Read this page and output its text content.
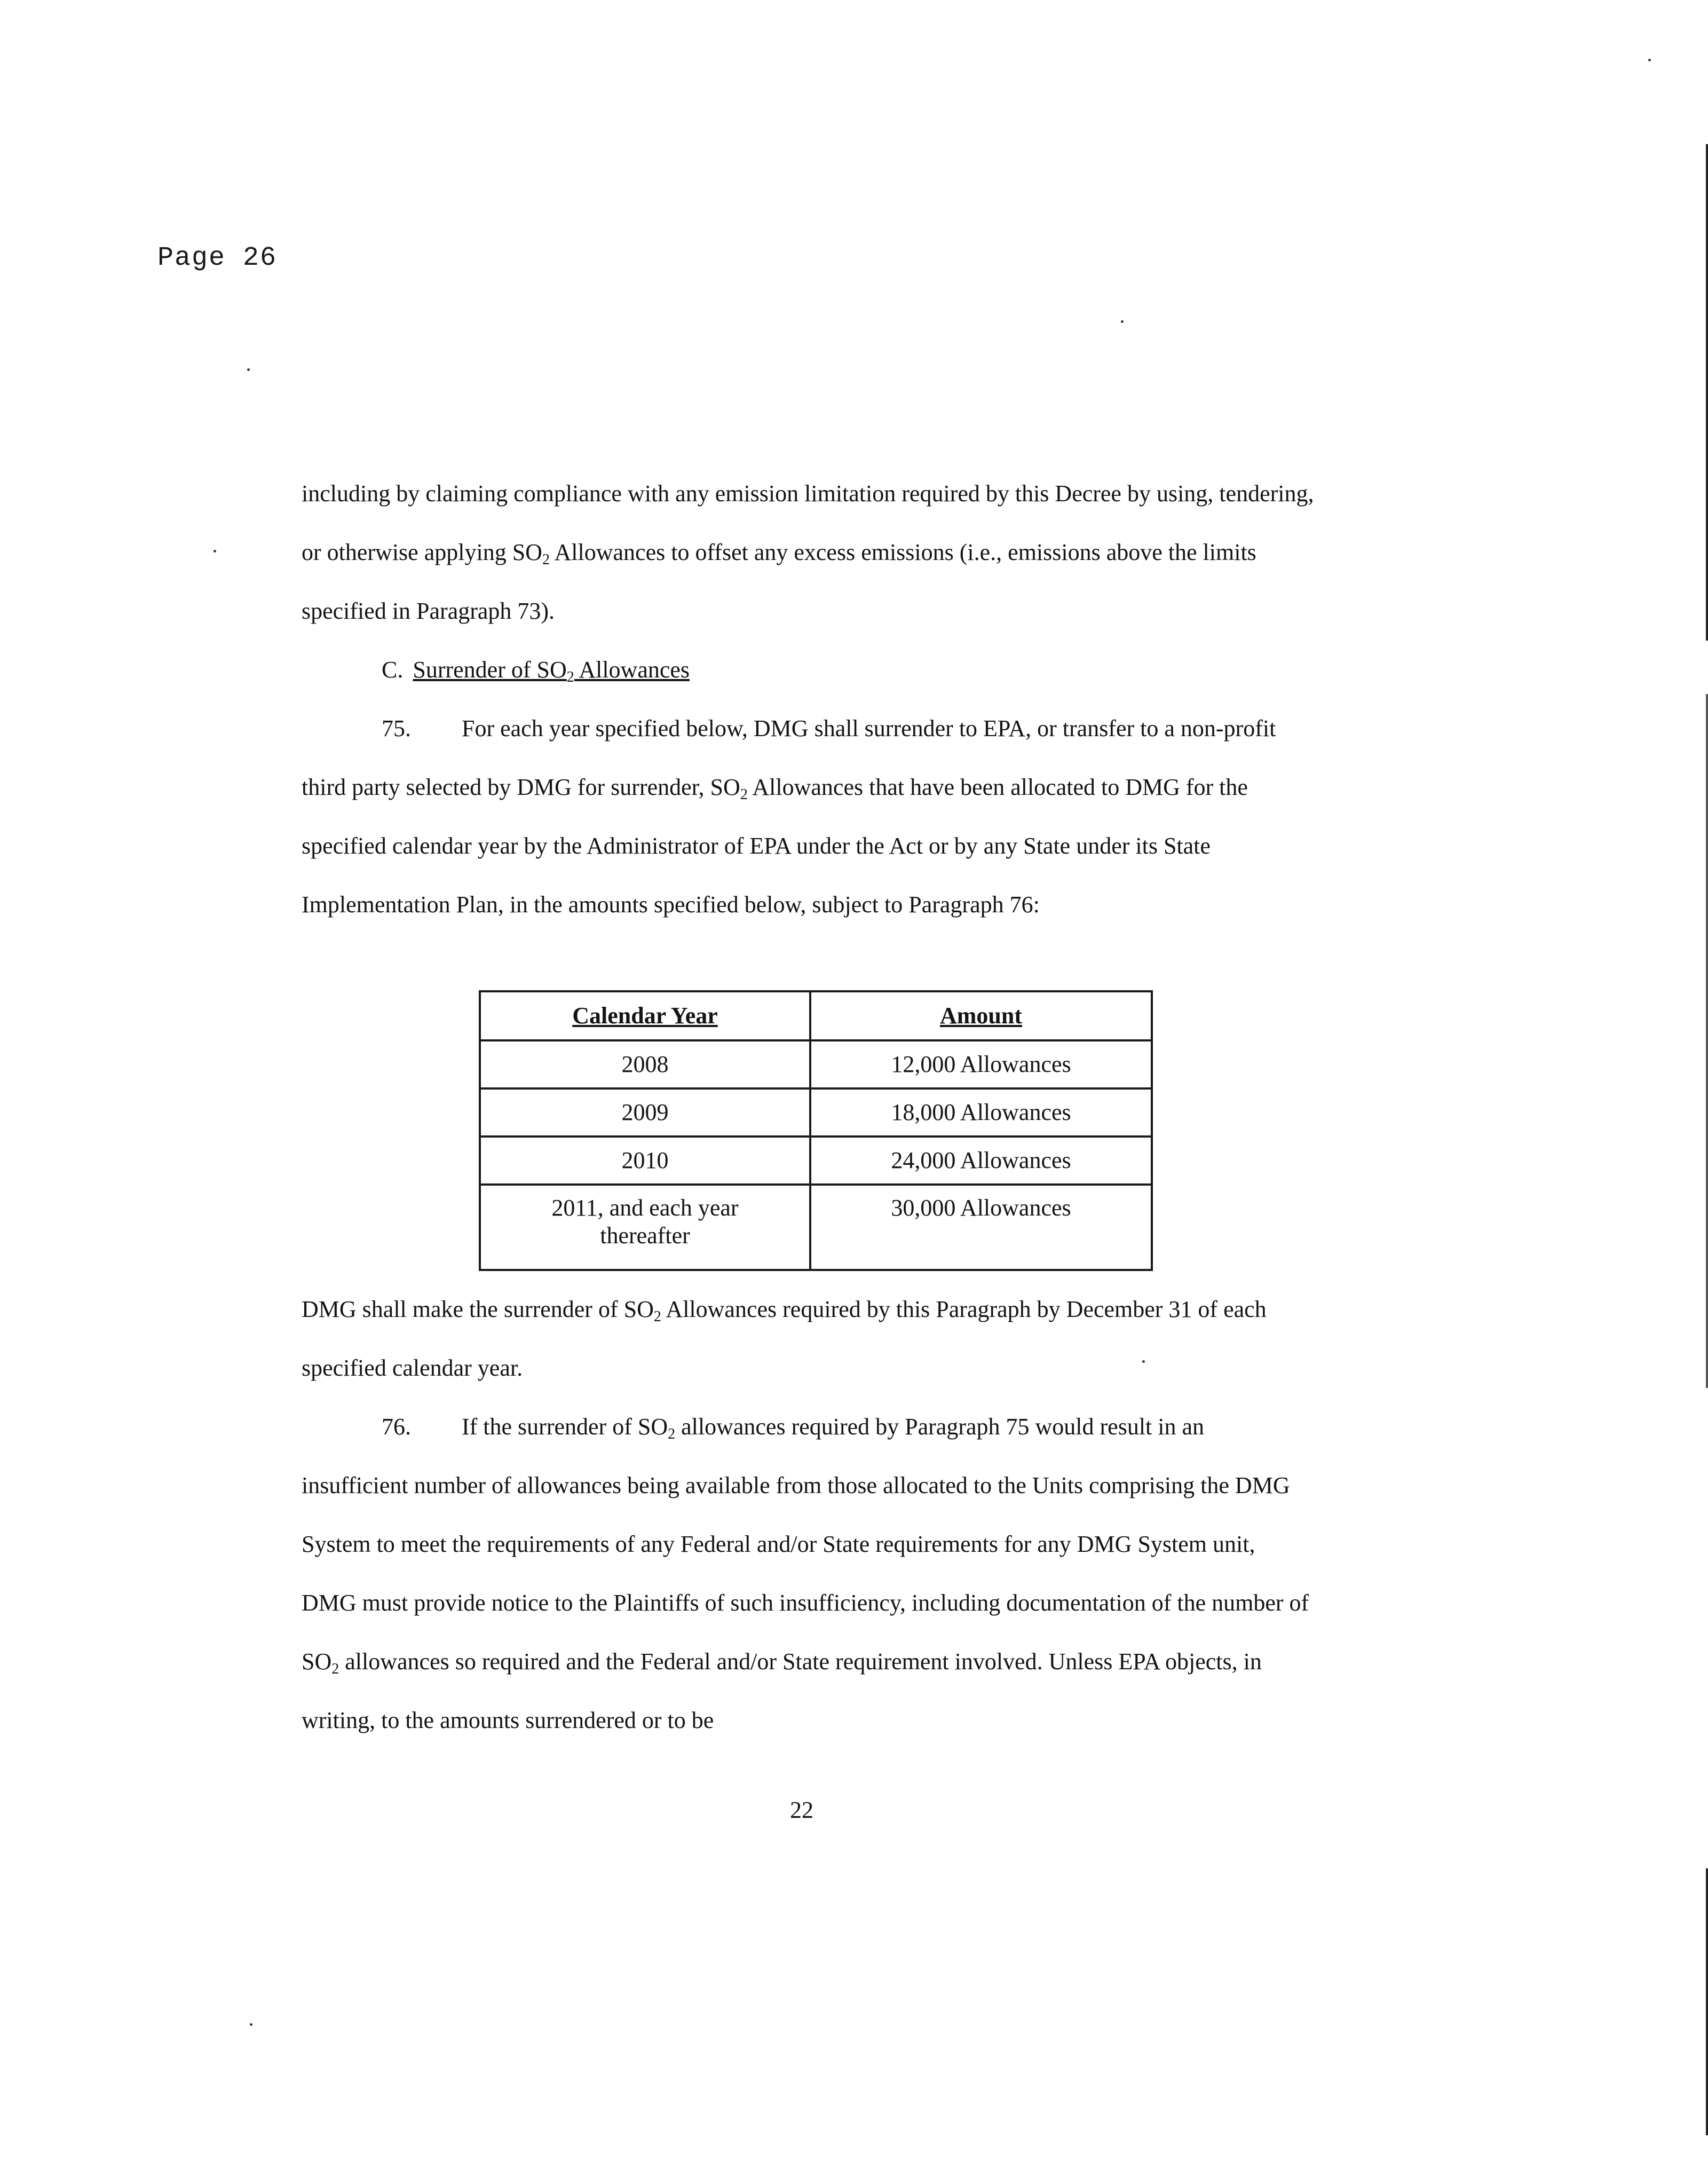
Page 26

including by claiming compliance with any emission limitation required by this Decree by using, tendering, or otherwise applying $SO_2$ Allowances to offset any excess emissions (i.e., emissions above the limits specified in Paragraph 73).

C. Surrender of $SO_2$ Allowances

75. For each year specified below, DMG shall surrender to EPA, or transfer to a non-profit third party selected by DMG for surrender, $SO_2$ Allowances that have been allocated to DMG for the specified calendar year by the Administrator of EPA under the Act or by any State under its State Implementation Plan, in the amounts specified below, subject to Paragraph 76:

Calendar Year	Amount
2008	12,000 Allowances
2009	18,000 Allowances
2010	24,000 Allowances
2011, and each year thereafter	30,000 Allowances

DMG shall make the surrender of $SO_2$ Allowances required by this Paragraph by December 31 of each specified calendar year.

76. If the surrender of $SO_2$ allowances required by Paragraph 75 would result in an insufficient number of allowances being available from those allocated to the Units comprising the DMG System to meet the requirements of any Federal and/or State requirements for any DMG System unit, DMG must provide notice to the Plaintiffs of such insufficiency, including documentation of the number of $SO_2$ allowances so required and the Federal and/or State requirement involved. Unless EPA objects, in writing, to the amounts surrendered or to be

22
